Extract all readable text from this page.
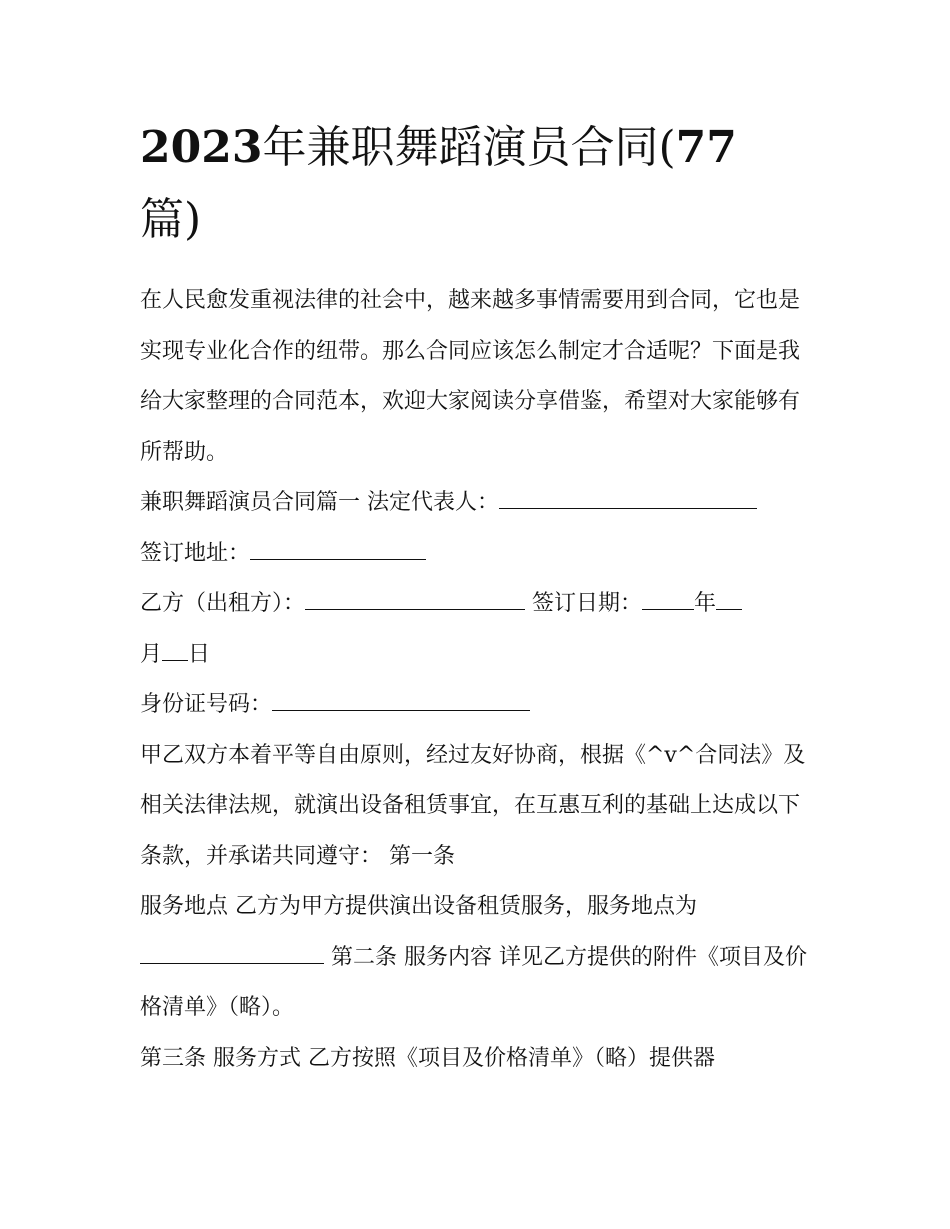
2023年兼职舞蹈演员合同(77
篇)

在人民愈发重视法律的社会中，越来越多事情需要用到合同，它也是实现专业化合作的纽带。那么合同应该怎么制定才合适呢？下面是我给大家整理的合同范本，欢迎大家阅读分享借鉴，希望对大家能够有所帮助。

兼职舞蹈演员合同篇一 法定代表人：

签订地址：

乙方（出租方）：	签订日期： 年
月 日

身份证号码：

甲乙双方本着平等自由原则，经过友好协商，根据《^v^合同法》及相关法律法规，就演出设备租赁事宜，在互惠互利的基础上达成以下条款，并承诺共同遵守： 第一条

服务地点 乙方为甲方提供演出设备租赁服务，服务地点为
第二条 服务内容 详见乙方提供的附件《项目及价格清单》（略）。

第三条 服务方式 乙方按照《项目及价格清单》（略）提供器
